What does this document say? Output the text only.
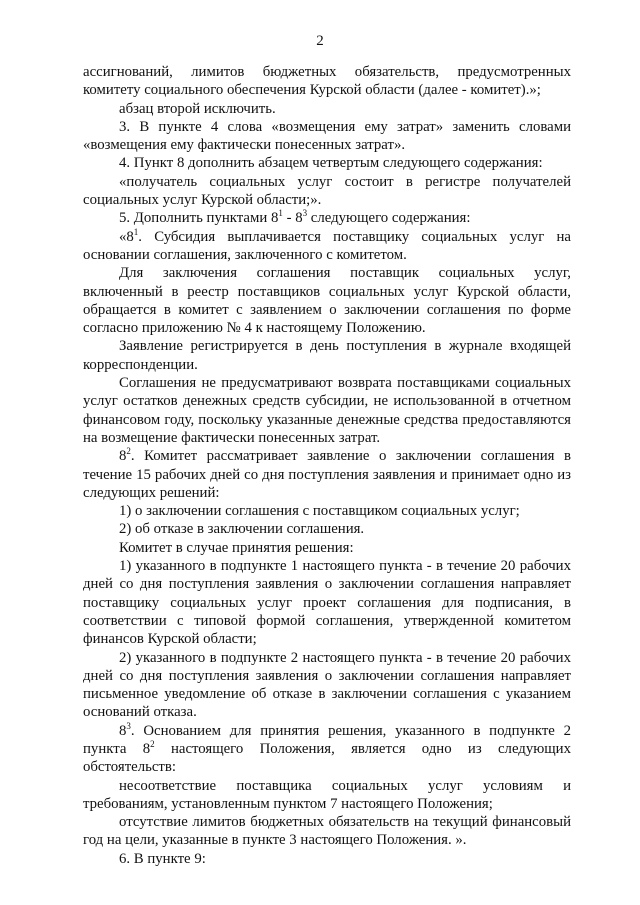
2

ассигнований, лимитов бюджетных обязательств, предусмотренных комитету социального обеспечения Курской области (далее - комитет).»;

абзац второй исключить.

3. В пункте 4 слова «возмещения ему затрат» заменить словами «возмещения ему фактически понесенных затрат».

4. Пункт 8 дополнить абзацем четвертым следующего содержания:

«получатель социальных услуг состоит в регистре получателей социальных услуг Курской области;».

5. Дополнить пунктами $8^1 - 8^3$ следующего содержания:

«$8^1$. Субсидия выплачивается поставщику социальных услуг на основании соглашения, заключенного с комитетом.

Для заключения соглашения поставщик социальных услуг, включенный в реестр поставщиков социальных услуг Курской области, обращается в комитет с заявлением о заключении соглашения по форме согласно приложению № 4 к настоящему Положению.

Заявление регистрируется в день поступления в журнале входящей корреспонденции.

Соглашения не предусматривают возврата поставщиками социальных услуг остатков денежных средств субсидии, не использованной в отчетном финансовом году, поскольку указанные денежные средства предоставляются на возмещение фактически понесенных затрат.

$8^2$. Комитет рассматривает заявление о заключении соглашения в течение 15 рабочих дней со дня поступления заявления и принимает одно из следующих решений:

1) о заключении соглашения с поставщиком социальных услуг;

2) об отказе в заключении соглашения.

Комитет в случае принятия решения:

1) указанного в подпункте 1 настоящего пункта - в течение 20 рабочих дней со дня поступления заявления о заключении соглашения направляет поставщику социальных услуг проект соглашения для подписания, в соответствии с типовой формой соглашения, утвержденной комитетом финансов Курской области;

2) указанного в подпункте 2 настоящего пункта - в течение 20 рабочих дней со дня поступления заявления о заключении соглашения направляет письменное уведомление об отказе в заключении соглашения с указанием оснований отказа.

$8^3$. Основанием для принятия решения, указанного в подпункте 2 пункта $8^2$ настоящего Положения, является одно из следующих обстоятельств:

несоответствие поставщика социальных услуг условиям и требованиям, установленным пунктом 7 настоящего Положения;

отсутствие лимитов бюджетных обязательств на текущий финансовый год на цели, указанные в пункте 3 настоящего Положения. ».

6. В пункте 9:
